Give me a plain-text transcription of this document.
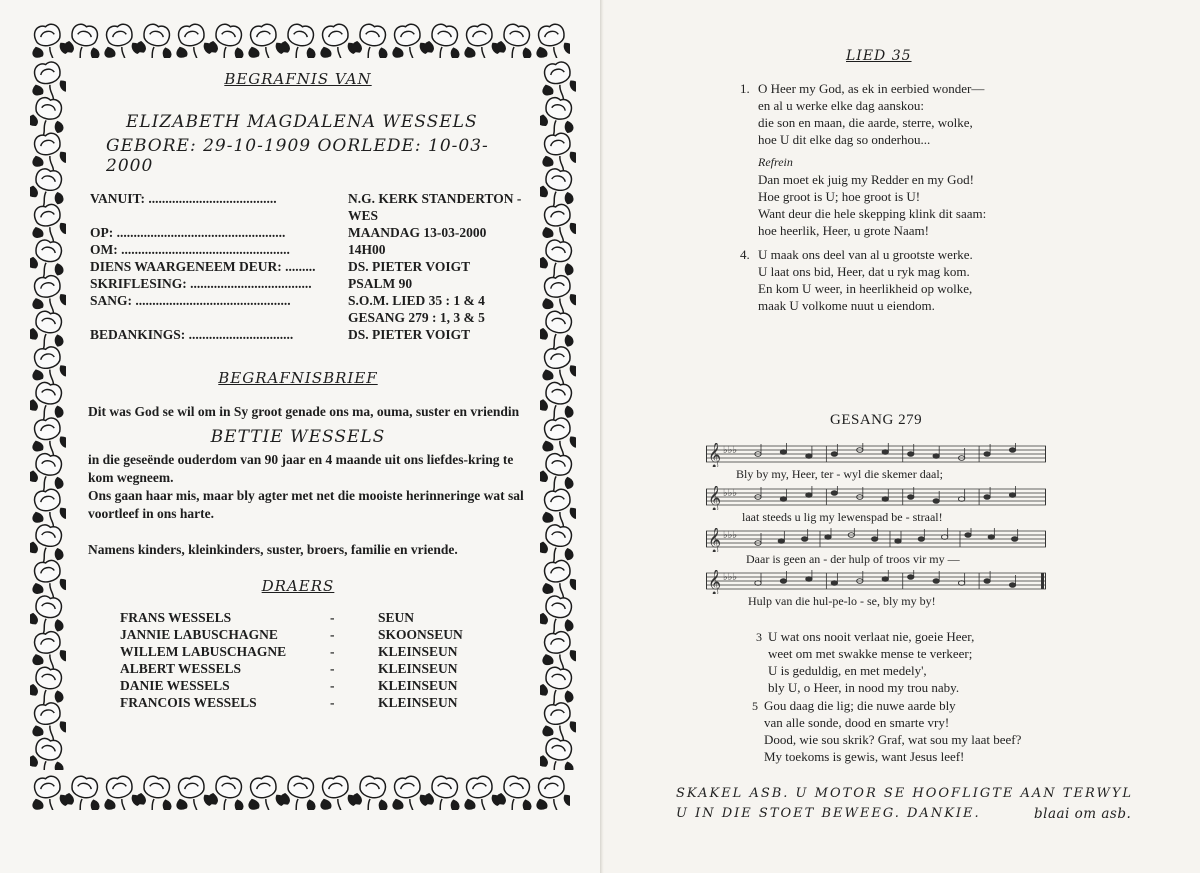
BEGRAFNIS VAN

ELIZABETH MAGDALENA WESSELS

GEBORE: 29-10-1909 OORLEDE: 10-03-2000

VANUIT: ......................................	N.G. KERK STANDERTON -
	WES
OP: ..................................................	MAANDAG 13-03-2000
OM: ..................................................	14H00
DIENS WAARGENEEM DEUR: .........	DS. PIETER VOIGT
SKRIFLESING: ....................................	PSALM 90
SANG: ..............................................	S.O.M. LIED 35 : 1 & 4
	GESANG 279 : 1, 3 & 5
BEDANKINGS: ...............................	DS. PIETER VOIGT

BEGRAFNISBRIEF

Dit was God se wil om in Sy groot genade ons ma, ouma, suster en vriendin

BETTIE WESSELS

in die geseënde ouderdom van 90 jaar en 4 maande uit ons liefdes-kring te kom wegneem.

Ons gaan haar mis, maar bly agter met net die mooiste herinneringe wat sal voortleef in ons harte.

Namens kinders, kleinkinders, suster, broers, familie en vriende.

DRAERS

FRANS WESSELS	-	SEUN
JANNIE LABUSCHAGNE	-	SKOONSEUN
WILLEM LABUSCHAGNE	-	KLEINSEUN
ALBERT WESSELS	-	KLEINSEUN
DANIE WESSELS	-	KLEINSEUN
FRANCOIS WESSELS	-	KLEINSEUN
LIED 35
1. O Heer my God, as ek in eerbied wonder—

en al u werke elke dag aanskou:

die son en maan, die aarde, sterre, wolke,

hoe U dit elke dag so onderhou...

Refrein

Dan moet ek juig my Redder en my God!

Hoe groot is U; hoe groot is U!

Want deur die hele skepping klink dit saam:

hoe heerlik, Heer, u grote Naam!

4. U maak ons deel van al u grootste werke.

U laat ons bid, Heer, dat u ryk mag kom.

En kom U weer, in heerlikheid op wolke,

maak U volkome nuut u eiendom.

GESANG 279
𝄞 ♭♭♭
Bly by my, Heer, ter - wyl die skemer daal;
𝄞 ♭♭♭
laat steeds u lig my lewenspad be - straal!
𝄞 ♭♭♭
Daar is geen an - der hulp of troos vir my —
𝄞 ♭♭♭
Hulp van die hul-pe-lo - se, bly my by!
3 U wat ons nooit verlaat nie, goeie Heer,

weet om met swakke mense te verkeer;

U is geduldig, en met medely',

bly U, o Heer, in nood my trou naby.

5 Gou daag die lig; die nuwe aarde bly

van alle sonde, dood en smarte vry!

Dood, wie sou skrik? Graf, wat sou my laat beef?

My toekoms is gewis, want Jesus leef!

SKAKEL ASB. U MOTOR SE HOOFLIGTE AAN TERWYL
U IN DIE STOET BEWEEG. DANKIE.	blaai om asb.
